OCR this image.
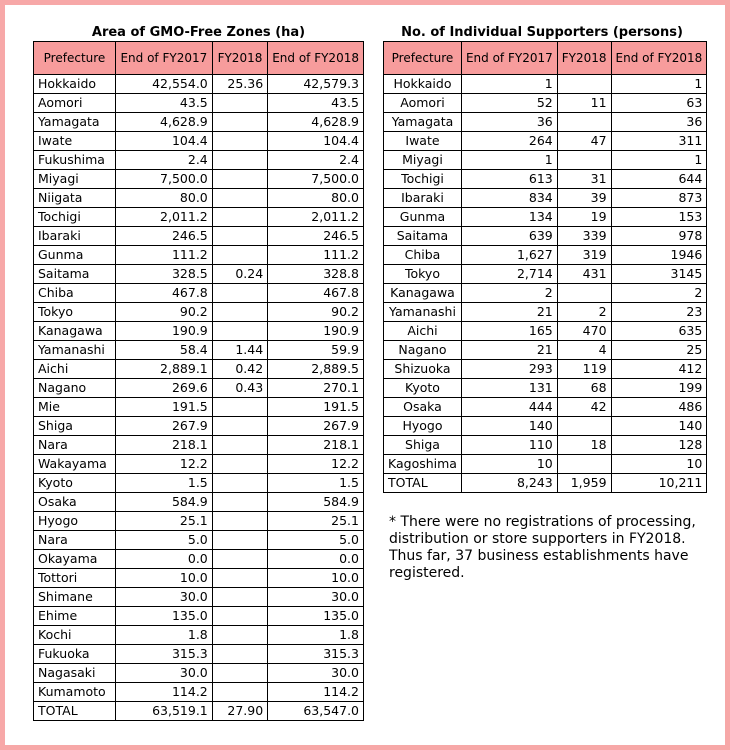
Area of GMO-Free Zones (ha)
Prefecture	End of FY2017	FY2018	End of FY2018
Hokkaido	42,554.0	25.36	42,579.3
Aomori	43.5		43.5
Yamagata	4,628.9		4,628.9
Iwate	104.4		104.4
Fukushima	2.4		2.4
Miyagi	7,500.0		7,500.0
Niigata	80.0		80.0
Tochigi	2,011.2		2,011.2
Ibaraki	246.5		246.5
Gunma	111.2		111.2
Saitama	328.5	0.24	328.8
Chiba	467.8		467.8
Tokyo	90.2		90.2
Kanagawa	190.9		190.9
Yamanashi	58.4	1.44	59.9
Aichi	2,889.1	0.42	2,889.5
Nagano	269.6	0.43	270.1
Mie	191.5		191.5
Shiga	267.9		267.9
Nara	218.1		218.1
Wakayama	12.2		12.2
Kyoto	1.5		1.5
Osaka	584.9		584.9
Hyogo	25.1		25.1
Nara	5.0		5.0
Okayama	0.0		0.0
Tottori	10.0		10.0
Shimane	30.0		30.0
Ehime	135.0		135.0
Kochi	1.8		1.8
Fukuoka	315.3		315.3
Nagasaki	30.0		30.0
Kumamoto	114.2		114.2
TOTAL	63,519.1	27.90	63,547.0
No. of Individual Supporters (persons)
Prefecture	End of FY2017	FY2018	End of FY2018
Hokkaido	1		1
Aomori	52	11	63
Yamagata	36		36
Iwate	264	47	311
Miyagi	1		1
Tochigi	613	31	644
Ibaraki	834	39	873
Gunma	134	19	153
Saitama	639	339	978
Chiba	1,627	319	1946
Tokyo	2,714	431	3145
Kanagawa	2		2
Yamanashi	21	2	23
Aichi	165	470	635
Nagano	21	4	25
Shizuoka	293	119	412
Kyoto	131	68	199
Osaka	444	42	486
Hyogo	140		140
Shiga	110	18	128
Kagoshima	10		10
TOTAL	8,243	1,959	10,211
* There were no registrations of processing, distribution or store supporters in FY2018. Thus far, 37 business establishments have registered.
